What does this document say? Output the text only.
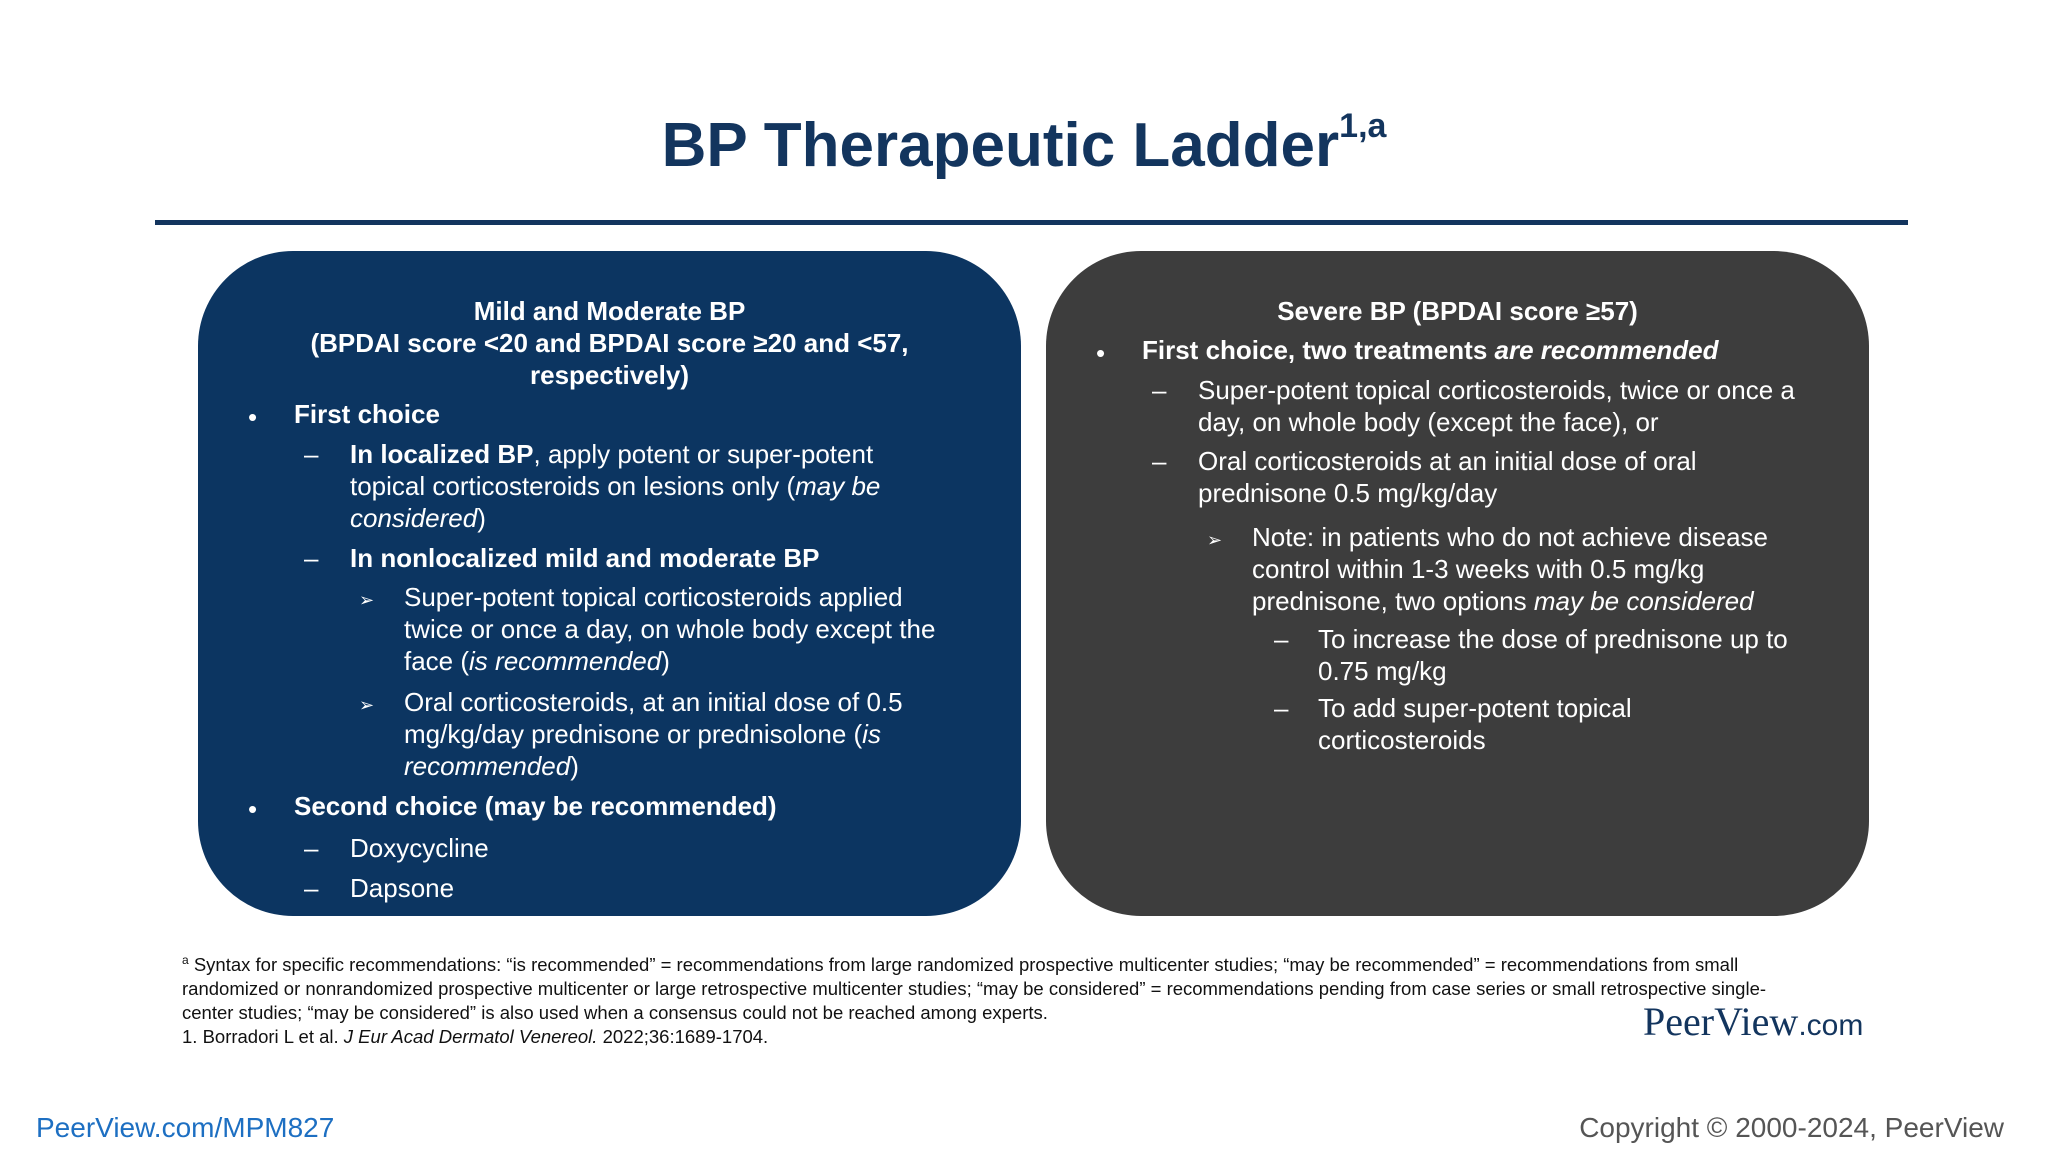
BP Therapeutic Ladder$^{1,a}$
Mild and Moderate BP
(BPDAI score <20 and BPDAI score ≥20 and <57,
respectively)
• First choice
– In localized BP, apply potent or super-potent
topical corticosteroids on lesions only (may be
considered)
– In nonlocalized mild and moderate BP
➢ Super-potent topical corticosteroids applied
twice or once a day, on whole body except the
face (is recommended)
➢ Oral corticosteroids, at an initial dose of 0.5
mg/kg/day prednisone or prednisolone (is
recommended)
• Second choice (may be recommended)
– Doxycycline
– Dapsone
Severe BP (BPDAI score ≥57)
• First choice, two treatments are recommended
– Super-potent topical corticosteroids, twice or once a
day, on whole body (except the face), or
– Oral corticosteroids at an initial dose of oral
prednisone 0.5 mg/kg/day
➢ Note: in patients who do not achieve disease
control within 1-3 weeks with 0.5 mg/kg
prednisone, two options may be considered
– To increase the dose of prednisone up to
0.75 mg/kg
– To add super-potent topical
corticosteroids
$^a$ Syntax for specific recommendations: “is recommended” = recommendations from large randomized prospective multicenter studies; “may be recommended” = recommendations from small
randomized or nonrandomized prospective multicenter or large retrospective multicenter studies; “may be considered” = recommendations pending from case series or small retrospective single-
center studies; “may be considered” is also used when a consensus could not be reached among experts.
1. Borradori L et al. J Eur Acad Dermatol Venereol. 2022;36:1689-1704.	PeerView.com
PeerView.com/MPM827	Copyright © 2000-2024, PeerView
